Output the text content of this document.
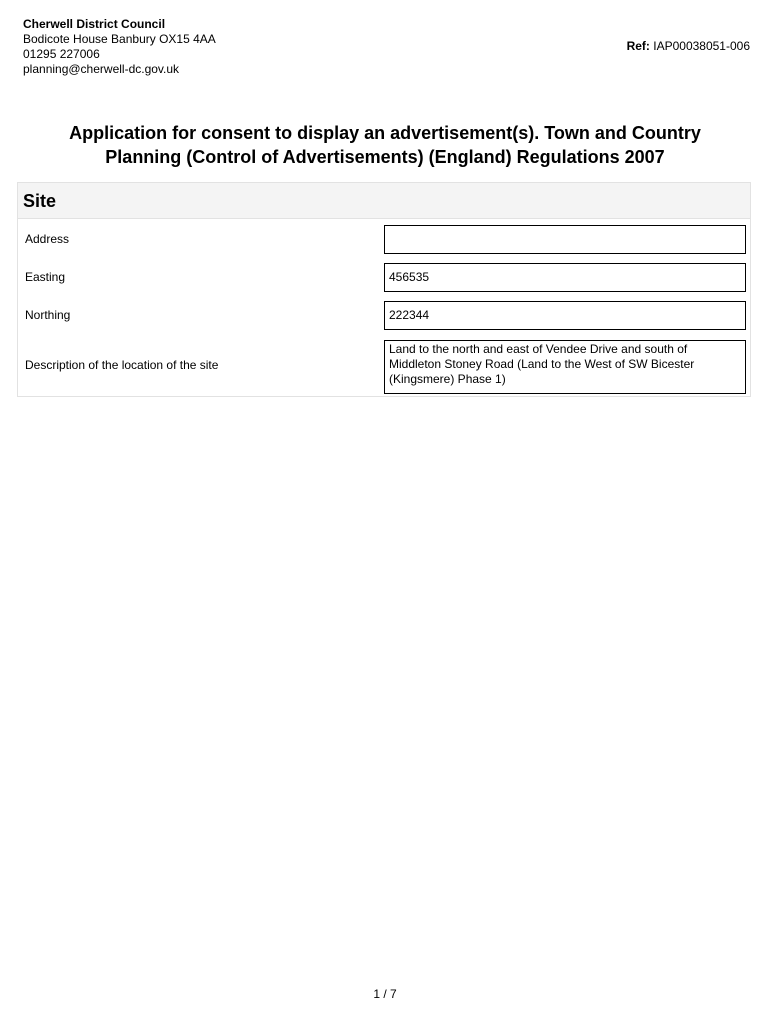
Cherwell District Council
Bodicote House Banbury OX15 4AA
01295 227006
planning@cherwell-dc.gov.uk
Ref: IAP00038051-006
Application for consent to display an advertisement(s). Town and Country Planning (Control of Advertisements) (England) Regulations 2007
Site
Address
Easting	456535
Northing	222344
Description of the location of the site
Land to the north and east of Vendee Drive and south of Middleton Stoney Road (Land to the West of SW Bicester (Kingsmere) Phase 1)
1 / 7
